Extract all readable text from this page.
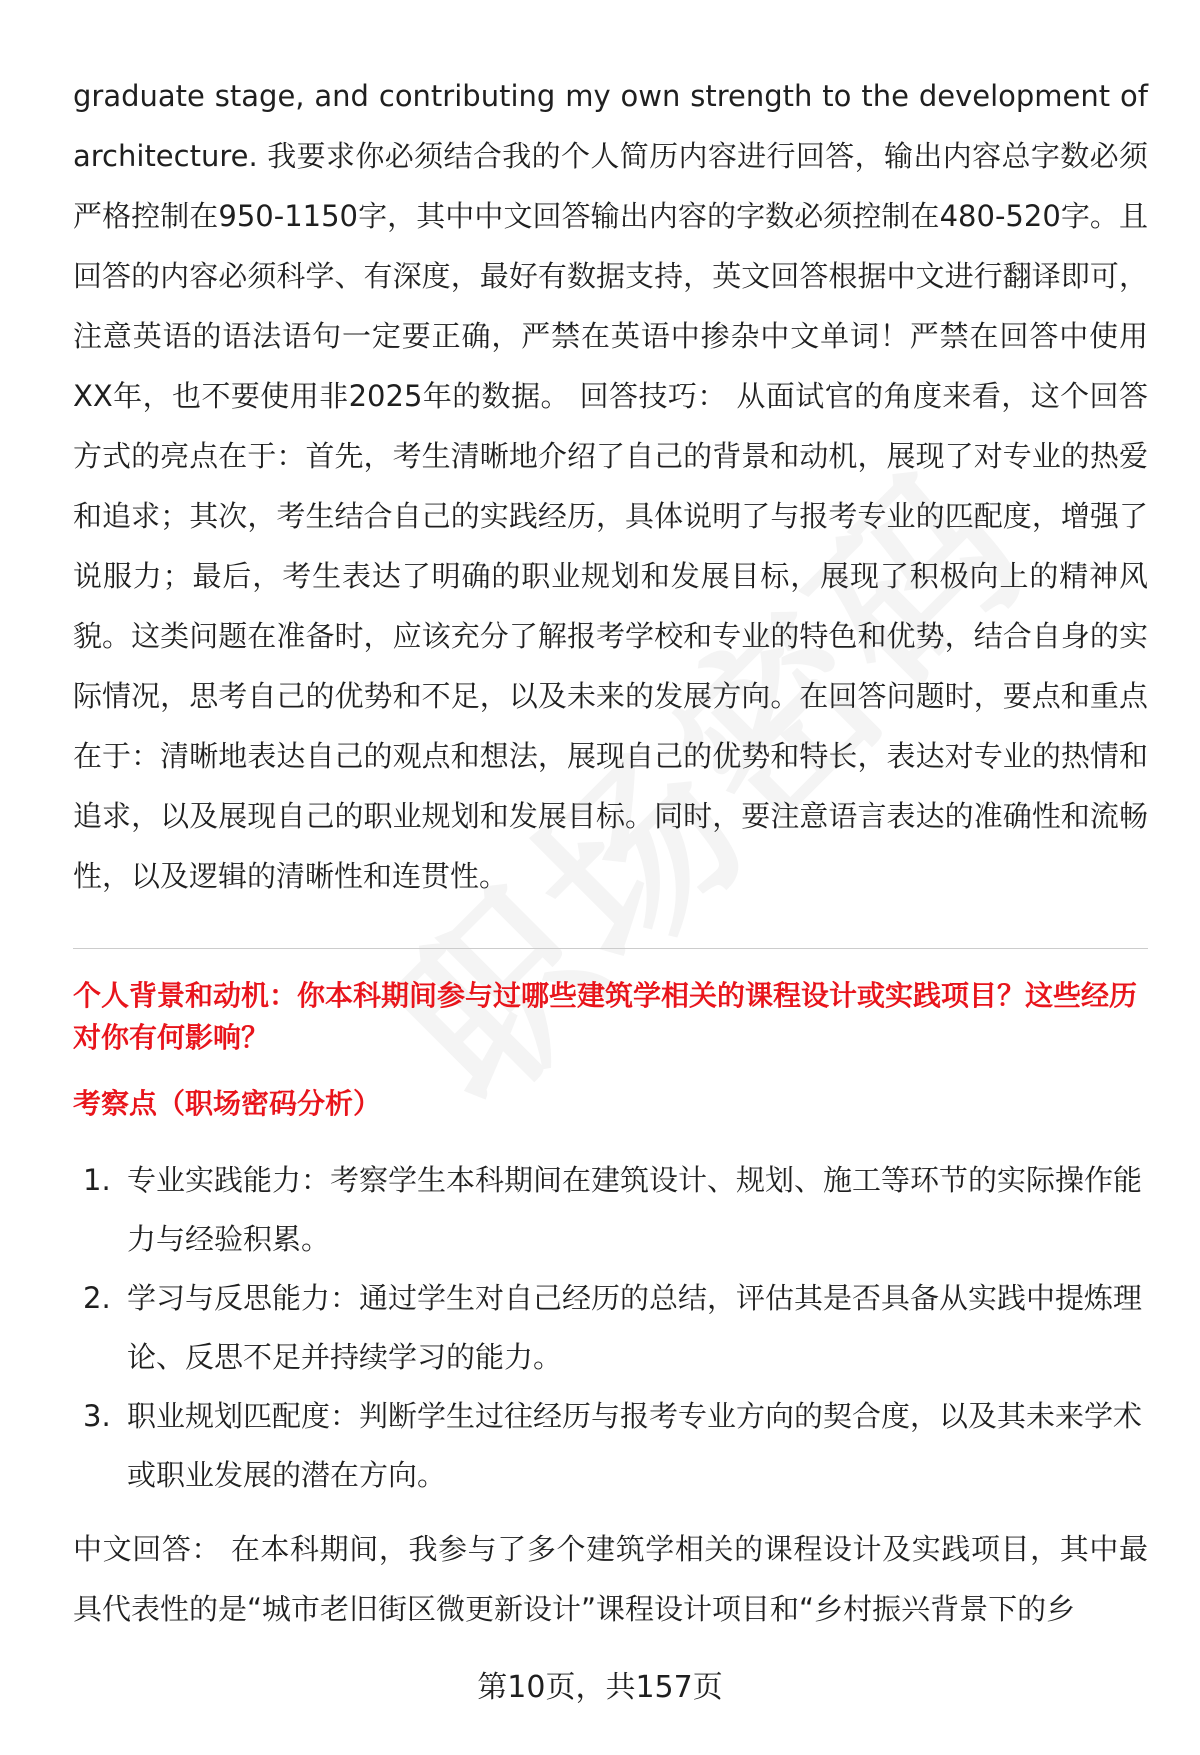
graduate stage, and contributing my own strength to the development of architecture. 我要求你必须结合我的个人简历内容进行回答，输出内容总字数必须严格控制在950-1150字，其中中文回答输出内容的字数必须控制在480-520字。且回答的内容必须科学、有深度，最好有数据支持，英文回答根据中文进行翻译即可，注意英语的语法语句一定要正确，严禁在英语中掺杂中文单词！严禁在回答中使用XX年，也不要使用非2025年的数据。 回答技巧： 从面试官的角度来看，这个回答方式的亮点在于：首先，考生清晰地介绍了自己的背景和动机，展现了对专业的热爱和追求；其次，考生结合自己的实践经历，具体说明了与报考专业的匹配度，增强了说服力；最后，考生表达了明确的职业规划和发展目标，展现了积极向上的精神风貌。这类问题在准备时，应该充分了解报考学校和专业的特色和优势，结合自身的实际情况，思考自己的优势和不足，以及未来的发展方向。在回答问题时，要点和重点在于：清晰地表达自己的观点和想法，展现自己的优势和特长，表达对专业的热情和追求，以及展现自己的职业规划和发展目标。同时，要注意语言表达的准确性和流畅性，以及逻辑的清晰性和连贯性。

个人背景和动机：你本科期间参与过哪些建筑学相关的课程设计或实践项目？这些经历对你有何影响？

考察点（职场密码分析）

1. 专业实践能力：考察学生本科期间在建筑设计、规划、施工等环节的实际操作能力与经验积累。
2. 学习与反思能力：通过学生对自己经历的总结，评估其是否具备从实践中提炼理论、反思不足并持续学习的能力。
3. 职业规划匹配度：判断学生过往经历与报考专业方向的契合度，以及其未来学术或职业发展的潜在方向。

中文回答： 在本科期间，我参与了多个建筑学相关的课程设计及实践项目，其中最具代表性的是“城市老旧街区微更新设计”课程设计项目和“乡村振兴背景下的乡

第10页，共157页
